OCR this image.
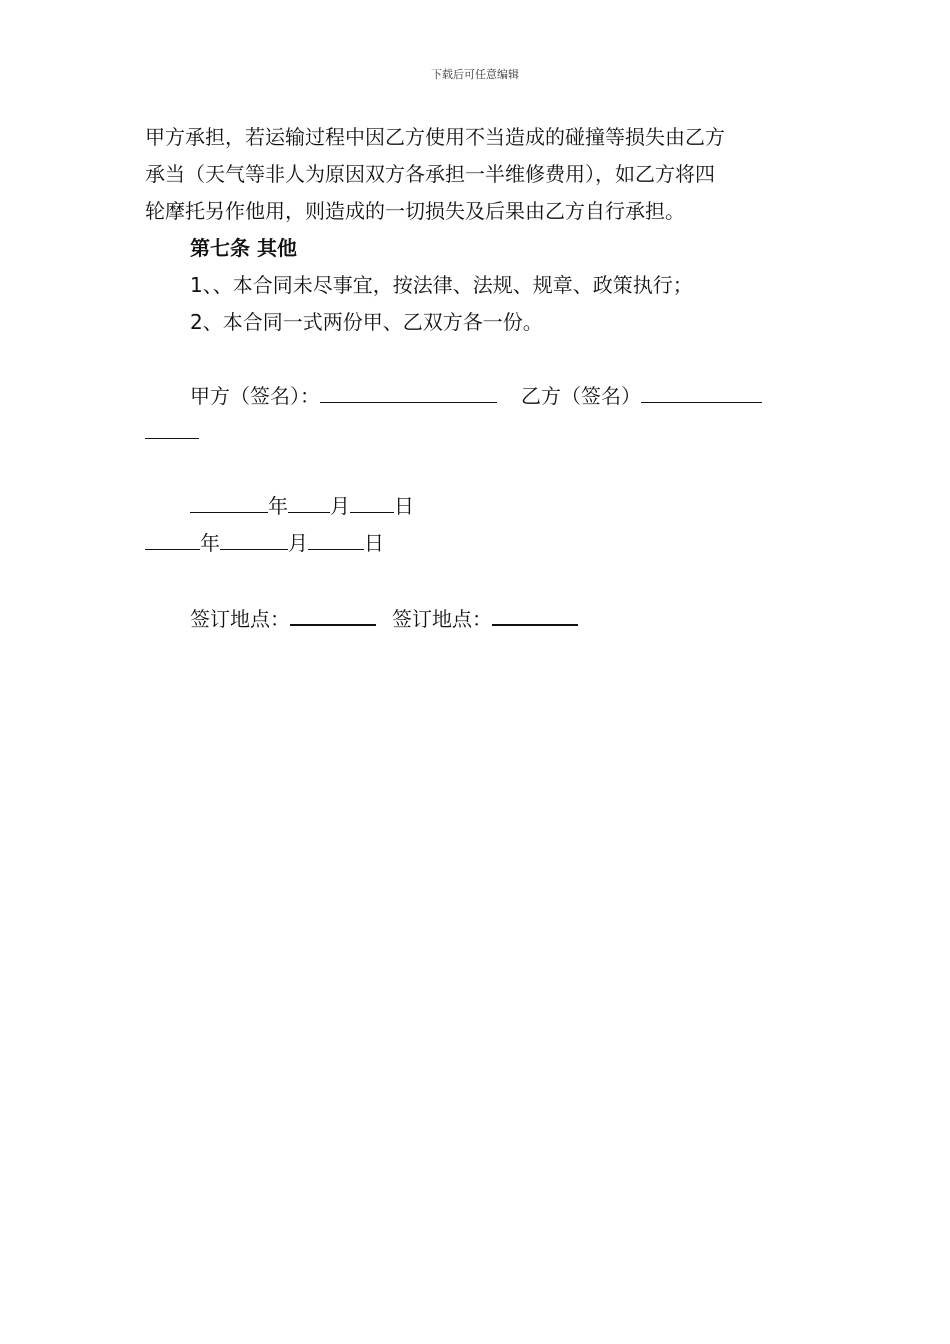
下载后可任意编辑
甲方承担，若运输过程中因乙方使用不当造成的碰撞等损失由乙方
承当（天气等非人为原因双方各承担一半维修费用），如乙方将四
轮摩托另作他用，则造成的一切损失及后果由乙方自行承担。
第七条 其他
1、、本合同未尽事宜，按法律、法规、规章、政策执行；
2、本合同一式两份甲、乙双方各一份。
甲方（签名）：	乙方（签名）
年 月 日
年	月	日
签订地点：	签订地点：
